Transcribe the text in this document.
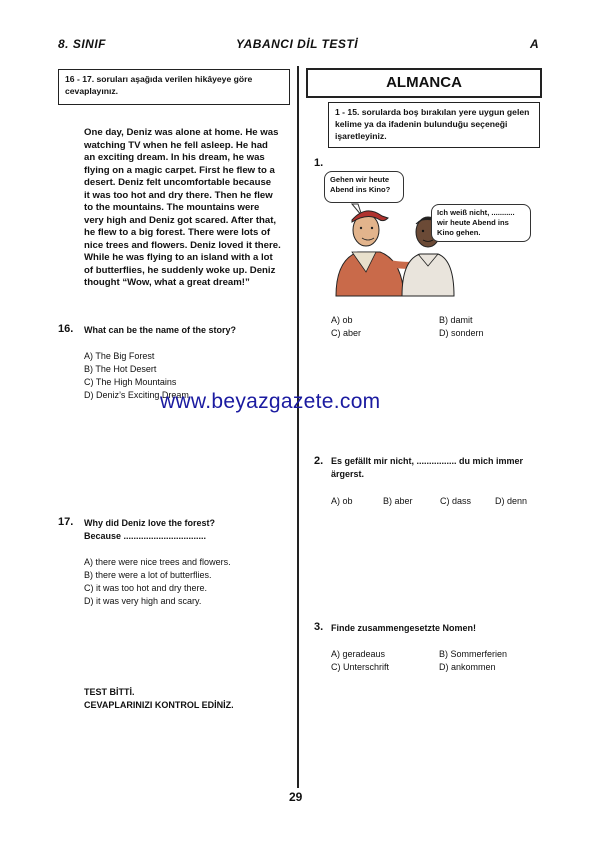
8. SINIF	YABANCI DİL TESTİ	A
16 - 17. soruları aşağıda verilen hikâyeye göre cevaplayınız.
One day, Deniz was alone at home. He was
watching TV when he fell asleep. He had
an exciting dream. In his dream, he was
flying on a magic carpet. First he flew to a
desert. Deniz felt uncomfortable because
it was too hot and dry there. Then he flew
to the mountains. The mountains were
very high and Deniz got scared. After that,
he flew to a big forest. There were lots of
nice trees and flowers. Deniz loved it there.
While he was flying to an island with a lot
of butterflies, he suddenly woke up. Deniz
thought “Wow, what a great dream!”
16. What can be the name of the story?
A) The Big Forest
B) The Hot Desert
C) The High Mountains
D) Deniz’s Exciting Dream
17. Why did Deniz love the forest?
Because .................................
A) there were nice trees and flowers.
B) there were a lot of butterflies.
C) it was too hot and dry there.
D) it was very high and scary.
TEST BİTTİ.
CEVAPLARINIZI KONTROL EDİNİZ.
ALMANCA
1 - 15. sorularda boş bırakılan yere uygun gelen kelime ya da ifadenin bulunduğu seçeneği işaretleyiniz.
1.
Gehen wir heute Abend ins Kino?
Ich weiß nicht, ........... wir heute Abend ins Kino gehen.
A) ob	B) damit
C) aber	D) sondern
www.beyazgazete.com
2. Es gefällt mir nicht, ................ du mich immer ärgerst.
A) ob	B) aber	C) dass	D) denn
3. Finde zusammengesetzte Nomen!
A) geradeaus	B) Sommerferien
C) Unterschrift	D) ankommen
29
